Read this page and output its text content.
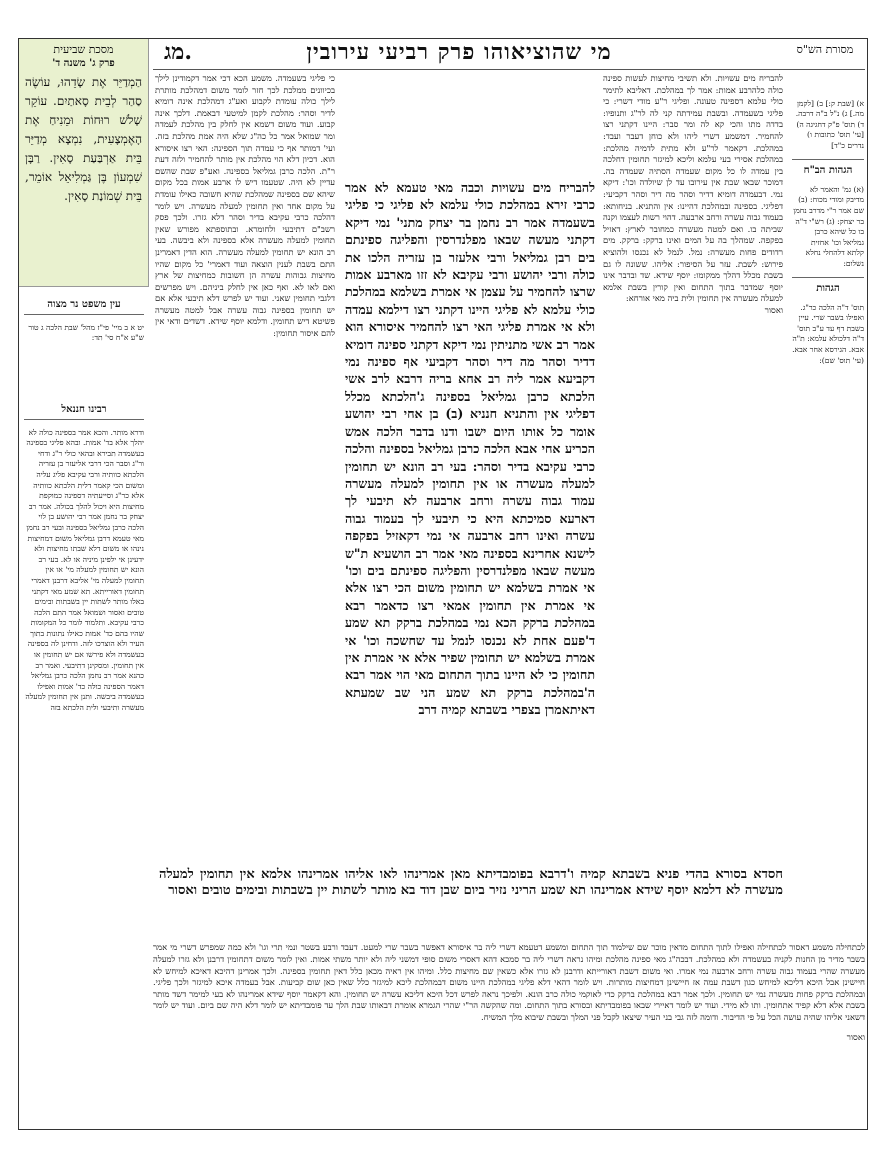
מג.	מי שהוציאוהו פרק רביעי עירובין	מסורת הש"ס
מסכת שביעית
פרק ג' משנה ד'
הַמְדַיֵּר אֶת שָׂדֵהוּ, עוֹשֶׂה סַהַר לְבֵית סָאתַיִם. עוֹקֵר שָׁלֹשׁ רוּחוֹת וּמֵנִיחַ אֶת הָאֶמְצָעִית, נִמְצָא מְדַיֵּר בֵּית אַרְבַּעַת סָאִין. רַבָּן שִׁמְעוֹן בֶּן גַּמְלִיאֵל אוֹמֵר, בֵּית שְׁמוֹנַת סָאִין.
עין משפט נר מצוה

יט א ב מיי' פי"ז מהל' שבת הלכה ג טור ש"ע א"ח סי' תד:

רבינו חננאל

ודרא מותר. והכא אמר בספינה כולה לא יהלך אלא בד' אמות. ובהא פליגי בספינה בעשמדה תבירא ובהאי כולי ר"ג ודחי ור"ג וסבר הכי דרבי אליעזר בן עזריה הלכתא כוותיה ורבי עקיבא פליג עליה ומשום הכי קאמר דלית הלכתא כוותיה אלא כר"ג וסייעתיה דספינה כמוקפת מחיצות היא ויכול להלך בכולה. אמר רב יצחק בר נחמן אמר רבי יהושע בן לוי הלכה כרבן גמליאל בספינה ובעי רב נחמן מאי טעמא דרבן גמליאל משום דמחיצות נינהו או משום דלא שבתו מחיצות ולא ידעינן אי ילפינן מיניה או לא. בעי רב הונא יש תחומין למעלה מי' או אין תחומין למעלה מי' אליבא דרבנן דאמרי תחומין דאורייתא. תא שמע מאי דקתני באלו מותר לשתות יין בשבתות ובימים טובים ואסור ושמואל אמר התם הלכה כרבי עקיבא. ותלמוד לומר כל המקומות שהיו בהם כד' אמות כאילו נתונות בתוך העיר ולא הוצרכו לזה. ודחינן לה בספינה בעשמדה ולא פירשו אם יש תחומין או אין תחומין. ומסקינן דתיבעי. ואמר רב כהנא אמר רב נחמן הלכה כרבן גמליאל דאמר הספינה כולה כד' אמות ואפילו בעשמדה ביבשה. ותנן אין תחומין למעלה מעשרה ותיבעי ולית הלכתא בזה

א) [שבת ק:] ב) [לקמן מה.] ג) נ"ל ב"ה דרבה. ד) תוס' פ"ק דחגיגה ה) [עי' תוס' כתובות ו) נדרים כ"ד]

הגהות הב"ח

(א) גמ' והאמר לא מדיבק ומודי מכוח: (ב) שם אמר ר"י מדרב נחמן בר יצחק: (ג) רש"י ד"ה בו כל שיהא כרבן גמליאל וכו' אחזית קלתא דלהחלי נחלא נשלום:

הגהות

תוס' ד"ה הלכה כר"ג. ואפילו בשבר שרי. עיין בשבת דף עד ע"ב תוס' ד"ה דלכולא עלמא: ת"ה אבא. הגירסא אחר אבא. (עי' תוס' שם):

כי פליגי בשעמדה. משמע הכא דכי אמר דקמודינן לילך בכיוונים ממלכת לכך חזר לומר משום דמהלכת מותרת לילך כולה עומדת לקבוע ואע"ג דמהלכת אינה דומיא לדיר וסהר: מהלכת לקמן למיטעי דבאמת. דלכך אינה קבוע. ועוד משום דשמא אין לחלק בין מהלכת לעמדה ומר שמואל אמר כל כה"ג שלא היה אמת מהלכת בזה. ועי' דמותר אף כי עמדה תוך הספינה: האי רצו איסורא הוא. דכיון דלא הוי מהלכת אין מותר להחמיר ולזה דעת ר"ת. הלכה כרבן גמליאל בספינה. ואע"פ שבת שהשם עדיין לא היה. שטעמו דיש לו ארבע אמות בכל מקום שיהא שם בספינה שמהלכת שהיא חשובה כאילו עומדת על מקום אחד ואין תחומין למעלה מעשרה. ויש לומר דהלכה כרבי עקיבא בדיר וסהר דלא גזרו. ולכך פסק רשב"ם דתיבעי ולחומרא. ובתוספתא מפורש שאין תחומין למעלה מעשרה אלא בספינה ולא ביבשה. בעי רב הונא יש תחומין למעלה מעשרה. הוא הדין דאמרינן התם בשבת לענין הוצאה ועוד דאמרי' כל מקום שהיו מחיצות גבוהות עשרה הן חשובות כמחיצות של ארץ ואם לאו לא. ואף כאן אין לחלק ביניהם. ויש מפרשים דלגבי תחומין שאני. ועוד יש לפרש דלא תיבעי אלא אם יש תחומין בספינה גבוה עשרה אבל למטה מעשרה פשיטא דיש תחומין. ודלמא יוסף שידא. דשדים ודאי אין להם איסור תחומין:

להבריח מים עשויות וכבה מאי טעמא לא אמר כרבי זירא במהלכת כולי עלמא לא פליגי כי פליגי בשעמדה אמר רב נחמן בר יצחק מתני' נמי דיקא דקתני מעשה שבאו מפלנדרסין והפליגה ספינתם בים רבן גמליאל ורבי אלעזר בן עזריה הלכו את כולה ורבי יהושע ורבי עקיבא לא זזו מארבע אמות שרצו להחמיר על עצמן אי אמרת בשלמא במהלכת כולי עלמא לא פליגי היינו דקתני רצו דילמא עמדה ולא אי אמרת פליגי האי רצו להחמיר איסורא הוא אמר רב אשי מתניתין נמי דיקא דקתני ספינה דומיא דדיר וסהר מה דיר וסהר דקביעי אף ספינה נמי דקביעא אמר ליה רב אחא בריה דרבא לרב אשי הלכתא כרבן גמליאל בספינה ג'הלכתא מכלל דפליגי אין והתניא חנניא (ב) בן אחי רבי יהושע אומר כל אותו היום ישבו ודנו בדבר הלכה אמש הכריע אחי אבא הלכה כרבן גמליאל בספינה והלכה כרבי עקיבא בדיר וסהר: בעי רב הונא יש תחומין למעלה מעשרה או אין תחומין למעלה מעשרה עמוד גבוה עשרה ורחב ארבעה לא תיבעי לך דארעא סמיכתא היא כי תיבעי לך בעמוד גבוה עשרה ואינו רחב ארבעה אי נמי דקאזיל בפקפה לישנא אחרינא בספינה מאי אמר רב הושעיא ת"ש מעשה שבאו מפלנדרסין והפליגה ספינתם בים וכו' אי אמרת בשלמא יש תחומין משום הכי רצו אלא אי אמרת אין תחומין אמאי רצו כדאמר רבא במהלכת ברקק הכא נמי במהלכת ברקק תא שמע ד'פעם אחת לא נכנסו לנמל עד שחשכה וכו' אי אמרת בשלמא יש תחומין שפיר אלא אי אמרת אין תחומין כי לא היינו בתוך התחום מאי הוי אמר רבא ה'במהלכת ברקק תא שמע הני שב שמעתא דאיתאמרן בצפרי בשבתא קמיה דרב

להבריח מים עשויות. ולא תשיבי מחיצות לעשות ספינה כולה כלהרבע אמות: אמר לך במהלכת. דאליבא לתימר כולי עלמא דספינה טעונה. ופליגי ר"ע מודי דשרי: כי פליגי בשעמדה. ובשבת עמידתה קני לה לר"ג ותנופיו: בדדה מתו והכי קא לה ומר סבר: היינו דקתני רצו להחמיר. דמשמע דשרי ליהו ולא כוחן דעבר ועבד: במהלכת. דקאמר לר"ע ולא מתית לדמיה מהלכת: במהלכת אסירי בעי עלמא וליכא למיגזר תחומין דחלכה בין עמדה לו כל מקום שעמדה הסתיה שעמדה בה. דמוכר שבאו שבת אין עירובו עד לן שיולדה וכו': דיקא נמי. דבעמדה דומיא דדיר וסהר מה דיר וסהר דקביעי: דפליגי. בספינה ובמהלכת דהיינו: אין והתניא. בניחותא: בעמוד גבוה עשרה ורחב ארבעה. דהוי רשות לעצמו וקנה שביתה בו. ואם למטה מעשרה כמחובר לארץ: דאזיל בפקפה. שמהלך בה על המים ואינו ברקק: ברקק. מים רדודים פחות מעשרה: נמל. לנמל לא נכנסו ולהוציא פירוש: לשבת. עזר על הסיפור: אליהו. ששונה לו גם בשבת מכלל דהלך ממקומו: יוסף שידא. שד ובדבר אינו יוסף שמדבר בתוך התחום ואין קורין בשבת אלמא למעלה מעשרה אין תחומין ולית ביה מאי אורחא:

ואסור

חסדא בסורא בהדי פניא בשבתא קמיה ו'דרבא בפומבדיתא מאן אמרינהו לאו אליהו אמרינהו אלמא אין תחומין למעלה מעשרה לא דלמא יוסף שידא אמרינהו תא שמע הריני נזיר ביום שבן דוד בא מותר לשתות יין בשבתות ובימים טובים ואסור

לכתחילה משמע דאסור לכתחילה ואפילו לתוך התחום מדאין מוכר שם שילמוד תוך התחום ומשמע דטעמא דשרי ליה בר איסורא דאפשר בשבר שרי למעט. דעבד ורבע בשטר ונמי תרי וגו' ולא כמה שמפרש דשרי מי אמר בשבר מדיר מן החנות לקניה בעשמדה ולא כמהלכת. דבכה"ג מאי ספינה מהלכת ומיהו נראה דשרי ליה בר סמכא דהא דאסרי משום סופי דמשני ליה ולא יותר משתי אמות. ואין לומר משום דתחומין דרבנן ולא גזרו למעלה מעשרה שהרי בעמוד גבוה עשרה ורחב ארבעה נמי אמרו. ואי משום דשבת דאורייתא ודרבנן לא גזרו אלא כשאין שם מחיצות כלל. ומיהו אין ראיה מכאן כלל דאין תחומין בספינה. ולכך אמרינן דהיכא דאיכא למיחש לא חיישינן אבל היכא דליכא למיחש כגון דשבת עמה אז חיישינן דמחיצות מותרות. ויש לומר דהאי דלא פליגי במהלכת היינו משום דבמהלכת ליכא למיגזר כלל שאין כאן שום קביעות. אבל בעמדה איכא למיגזר ולכך פליגי. ובמהלכת ברקק פחות מעשרה נמי יש תחומין. ולכך אמר רבא במהלכת ברקק כדי לאוקמי כולה כרב הונא. ולפיכך נראה לפרש דכל היכא דליכא עשרה יש תחומין. והא דקאמר יוסף שידא אמרינהו לא בעי למימר דשד מותר בשבת אלא דלא קפיד אתחומין. ותו לא מידי. ועוד יש לומר דאיירי שבאו בפומבדיתא ובסורא בתוך התחום. ומה שהקשה הר"י שהרי הגמרא אומרת דבאותו שבת הלך עד פומבדיתא יש לומר דלא היה שם ביום. ועוד יש לומר דשאני אליהו שהיה עושה הכל על פי הדיבור. ודומה לזה גבי בני העיר שיצאו לקבל פני המלך ובשבת שיבוא מלך המשיח.

ואסור
